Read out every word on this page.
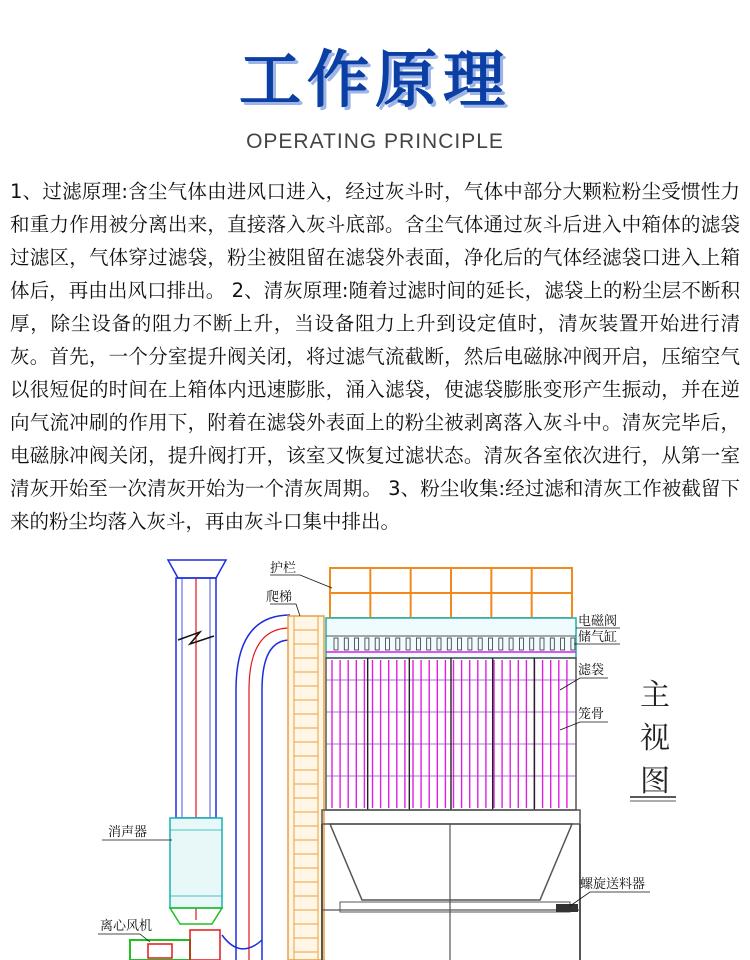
工作原理
OPERATING PRINCIPLE
1、过滤原理:含尘气体由进风口进入，经过灰斗时，气体中部分大颗粒粉尘受惯性力和重力作用被分离出来，直接落入灰斗底部。含尘气体通过灰斗后进入中箱体的滤袋过滤区，气体穿过滤袋，粉尘被阻留在滤袋外表面，净化后的气体经滤袋口进入上箱体后，再由出风口排出。 2、清灰原理:随着过滤时间的延长，滤袋上的粉尘层不断积厚，除尘设备的阻力不断上升，当设备阻力上升到设定值时，清灰装置开始进行清灰。首先，一个分室提升阀关闭，将过滤气流截断，然后电磁脉冲阀开启，压缩空气以很短促的时间在上箱体内迅速膨胀，涌入滤袋，使滤袋膨胀变形产生振动，并在逆向气流冲刷的作用下，附着在滤袋外表面上的粉尘被剥离落入灰斗中。清灰完毕后，电磁脉冲阀关闭，提升阀打开，该室又恢复过滤状态。清灰各室依次进行，从第一室清灰开始至一次清灰开始为一个清灰周期。 3、粉尘收集:经过滤和清灰工作被截留下来的粉尘均落入灰斗，再由灰斗口集中排出。
护栏
爬梯
电磁阀
储气缸
滤袋
笼骨
消声器
螺旋送料器
离心风机
主
视
图
